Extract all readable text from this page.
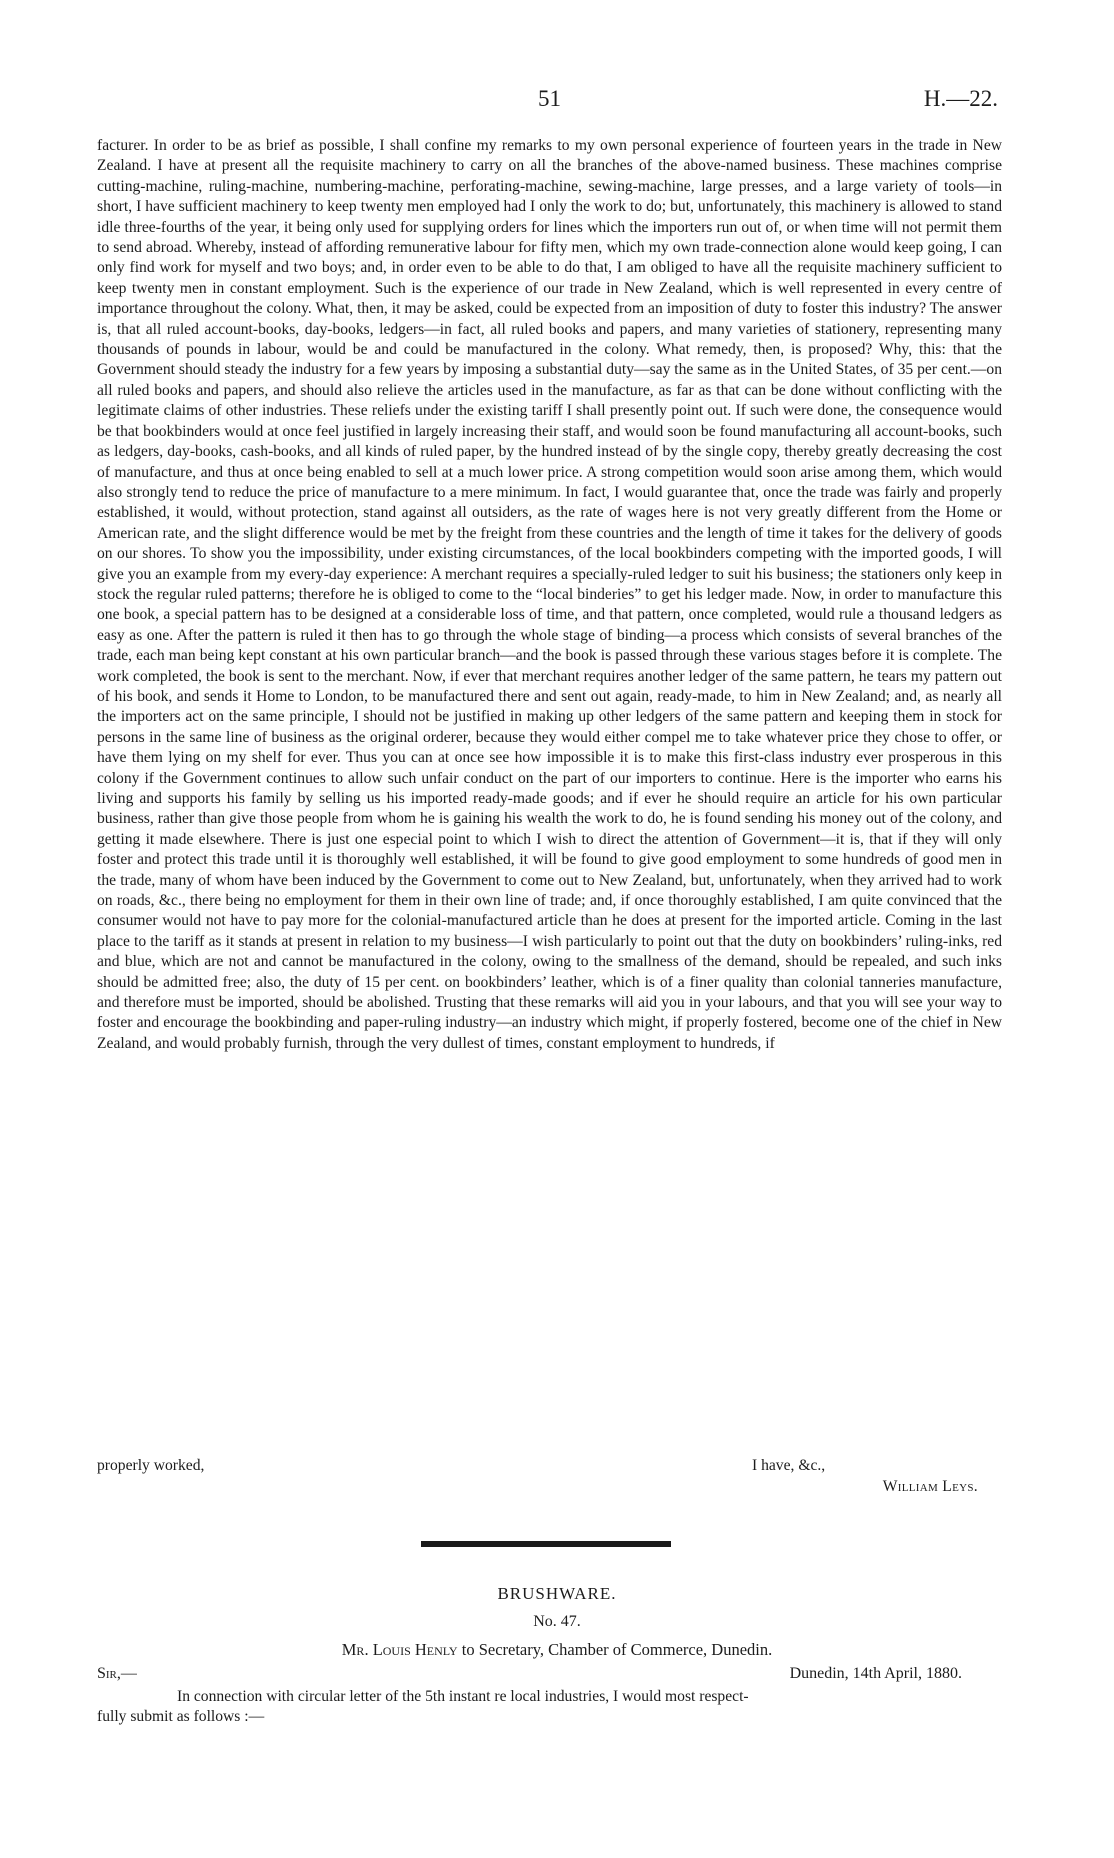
51	H.—22.

facturer. In order to be as brief as possible, I shall confine my remarks to my own personal experience of fourteen years in the trade in New Zealand. I have at present all the requisite machinery to carry on all the branches of the above-named business. These machines comprise cutting-machine, ruling-machine, numbering-machine, perforating-machine, sewing-machine, large presses, and a large variety of tools—in short, I have sufficient machinery to keep twenty men employed had I only the work to do; but, unfortunately, this machinery is allowed to stand idle three-fourths of the year, it being only used for supplying orders for lines which the importers run out of, or when time will not permit them to send abroad. Whereby, instead of affording remunerative labour for fifty men, which my own trade-connection alone would keep going, I can only find work for myself and two boys; and, in order even to be able to do that, I am obliged to have all the requisite machinery sufficient to keep twenty men in constant employment. Such is the experience of our trade in New Zealand, which is well represented in every centre of importance throughout the colony. What, then, it may be asked, could be expected from an imposition of duty to foster this industry? The answer is, that all ruled account-books, day-books, ledgers—in fact, all ruled books and papers, and many varieties of stationery, representing many thousands of pounds in labour, would be and could be manufactured in the colony. What remedy, then, is proposed? Why, this: that the Government should steady the industry for a few years by imposing a substantial duty—say the same as in the United States, of 35 per cent.—on all ruled books and papers, and should also relieve the articles used in the manufacture, as far as that can be done without conflicting with the legitimate claims of other industries. These reliefs under the existing tariff I shall presently point out. If such were done, the consequence would be that bookbinders would at once feel justified in largely increasing their staff, and would soon be found manufacturing all account-books, such as ledgers, day-books, cash-books, and all kinds of ruled paper, by the hundred instead of by the single copy, thereby greatly decreasing the cost of manufacture, and thus at once being enabled to sell at a much lower price. A strong competition would soon arise among them, which would also strongly tend to reduce the price of manufacture to a mere minimum. In fact, I would guarantee that, once the trade was fairly and properly established, it would, without protection, stand against all outsiders, as the rate of wages here is not very greatly different from the Home or American rate, and the slight difference would be met by the freight from these countries and the length of time it takes for the delivery of goods on our shores. To show you the impossibility, under existing circumstances, of the local bookbinders competing with the imported goods, I will give you an example from my every-day experience: A merchant requires a specially-ruled ledger to suit his business; the stationers only keep in stock the regular ruled patterns; therefore he is obliged to come to the “local binderies” to get his ledger made. Now, in order to manufacture this one book, a special pattern has to be designed at a considerable loss of time, and that pattern, once completed, would rule a thousand ledgers as easy as one. After the pattern is ruled it then has to go through the whole stage of binding—a process which consists of several branches of the trade, each man being kept constant at his own particular branch—and the book is passed through these various stages before it is complete. The work completed, the book is sent to the merchant. Now, if ever that merchant requires another ledger of the same pattern, he tears my pattern out of his book, and sends it Home to London, to be manufactured there and sent out again, ready-made, to him in New Zealand; and, as nearly all the importers act on the same principle, I should not be justified in making up other ledgers of the same pattern and keeping them in stock for persons in the same line of business as the original orderer, because they would either compel me to take whatever price they chose to offer, or have them lying on my shelf for ever. Thus you can at once see how impossible it is to make this first-class industry ever prosperous in this colony if the Government continues to allow such unfair conduct on the part of our importers to continue. Here is the importer who earns his living and supports his family by selling us his imported ready-made goods; and if ever he should require an article for his own particular business, rather than give those people from whom he is gaining his wealth the work to do, he is found sending his money out of the colony, and getting it made elsewhere. There is just one especial point to which I wish to direct the attention of Government—it is, that if they will only foster and protect this trade until it is thoroughly well established, it will be found to give good employment to some hundreds of good men in the trade, many of whom have been induced by the Government to come out to New Zealand, but, unfortunately, when they arrived had to work on roads, &c., there being no employment for them in their own line of trade; and, if once thoroughly established, I am quite convinced that the consumer would not have to pay more for the colonial-manufactured article than he does at present for the imported article. Coming in the last place to the tariff as it stands at present in relation to my business—I wish particularly to point out that the duty on bookbinders’ ruling-inks, red and blue, which are not and cannot be manufactured in the colony, owing to the smallness of the demand, should be repealed, and such inks should be admitted free; also, the duty of 15 per cent. on bookbinders’ leather, which is of a finer quality than colonial tanneries manufacture, and therefore must be imported, should be abolished. Trusting that these remarks will aid you in your labours, and that you will see your way to foster and encourage the bookbinding and paper-ruling industry—an industry which might, if properly fostered, become one of the chief in New Zealand, and would probably furnish, through the very dullest of times, constant employment to hundreds, if

properly worked,	I have, &c.,
William Leys.
BRUSHWARE.
No. 47.
Mr. Louis Henly to Secretary, Chamber of Commerce, Dunedin.
Sir,—	Dunedin, 14th April, 1880.
In connection with circular letter of the 5th instant re local industries, I would most respect-
fully submit as follows :—
